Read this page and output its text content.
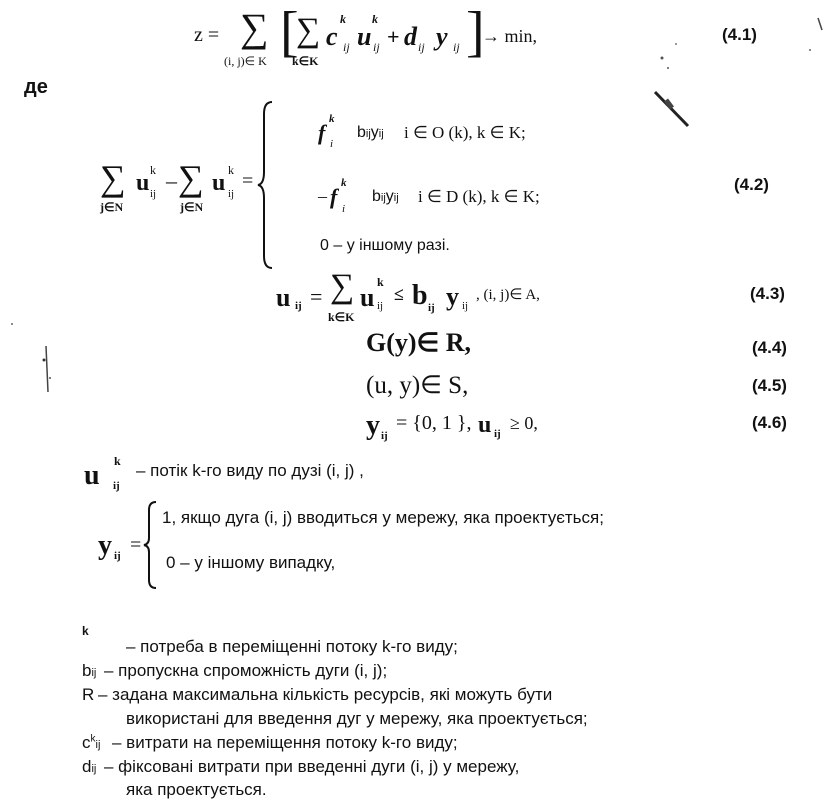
z = ∑
(i, j)∈ K [
∑
k∈K
c
k
ij u
k
ij + d ij y ij ]
→ min,	(4.1)
де
∑
j∈N
u k
ij
– ∑
j∈N
u k
ij
=
f
k
i
bijyij i ∈ O (k), k ∈ K;
– f
k
i
bijyij i ∈ D (k), k ∈ K;
0 – у іншому разі.
(4.2)
u ij = ∑
k∈K
u
k
ij
≤ b ij y ij
, (i, j)∈ A,	(4.3)
G(y)∈ R,	(4.4)
(u, y)∈ S,	(4.5)
y ij
= {0, 1 }, u ij
≥ 0,	(4.6)
u k
ij
– потік k-го виду по дузі (і, j) ,
y ij =
1, якщо дуга (і, j) вводиться у мережу, яка проектується;
0 – у іншому випадку,
k
– потреба в переміщенні потоку k-го виду;
bij – пропускна спроможність дуги (і, j);
R – задана максимальна кількість ресурсів, які можуть бути
використані для введення дуг у мережу, яка проектується;
$c^kij$ – витрати на переміщення потоку k-го виду;
dij – фіксовані витрати при введенні дуги (і, j) у мережу,
яка проектується.
